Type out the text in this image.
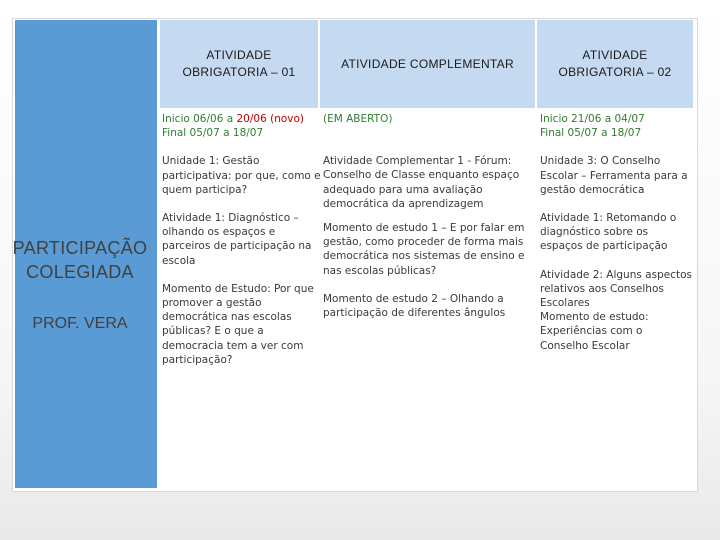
PARTICIPAÇÃO
COLEGIADA
PROF. VERA
ATIVIDADE OBRIGATORIA – 01
ATIVIDADE COMPLEMENTAR
ATIVIDADE OBRIGATORIA – 02

Inicio 06/06 a 20/06 (novo)

Final 05/07 a 18/07

Unidade 1: Gestão participativa: por que, como e quem participa?

Atividade 1: Diagnóstico – olhando os espaços e parceiros de participação na escola

Momento de Estudo: Por que promover a gestão democrática nas escolas públicas? E o que a democracia tem a ver com participação?

(EM ABERTO)

Atividade Complementar 1 - Fórum: Conselho de Classe enquanto espaço adequado para uma avaliação democrática da aprendizagem

Momento de estudo 1 – E por falar em gestão, como proceder de forma mais democrática nos sistemas de ensino e nas escolas públicas?

Momento de estudo 2 – Olhando a participação de diferentes ângulos

Inicio 21/06 a 04/07

Final 05/07 a 18/07

Unidade 3: O Conselho Escolar – Ferramenta para a gestão democrática

Atividade 1: Retomando o diagnóstico sobre os espaços de participação

Atividade 2: Alguns aspectos relativos aos Conselhos Escolares

Momento de estudo:

Experiências com o Conselho Escolar
